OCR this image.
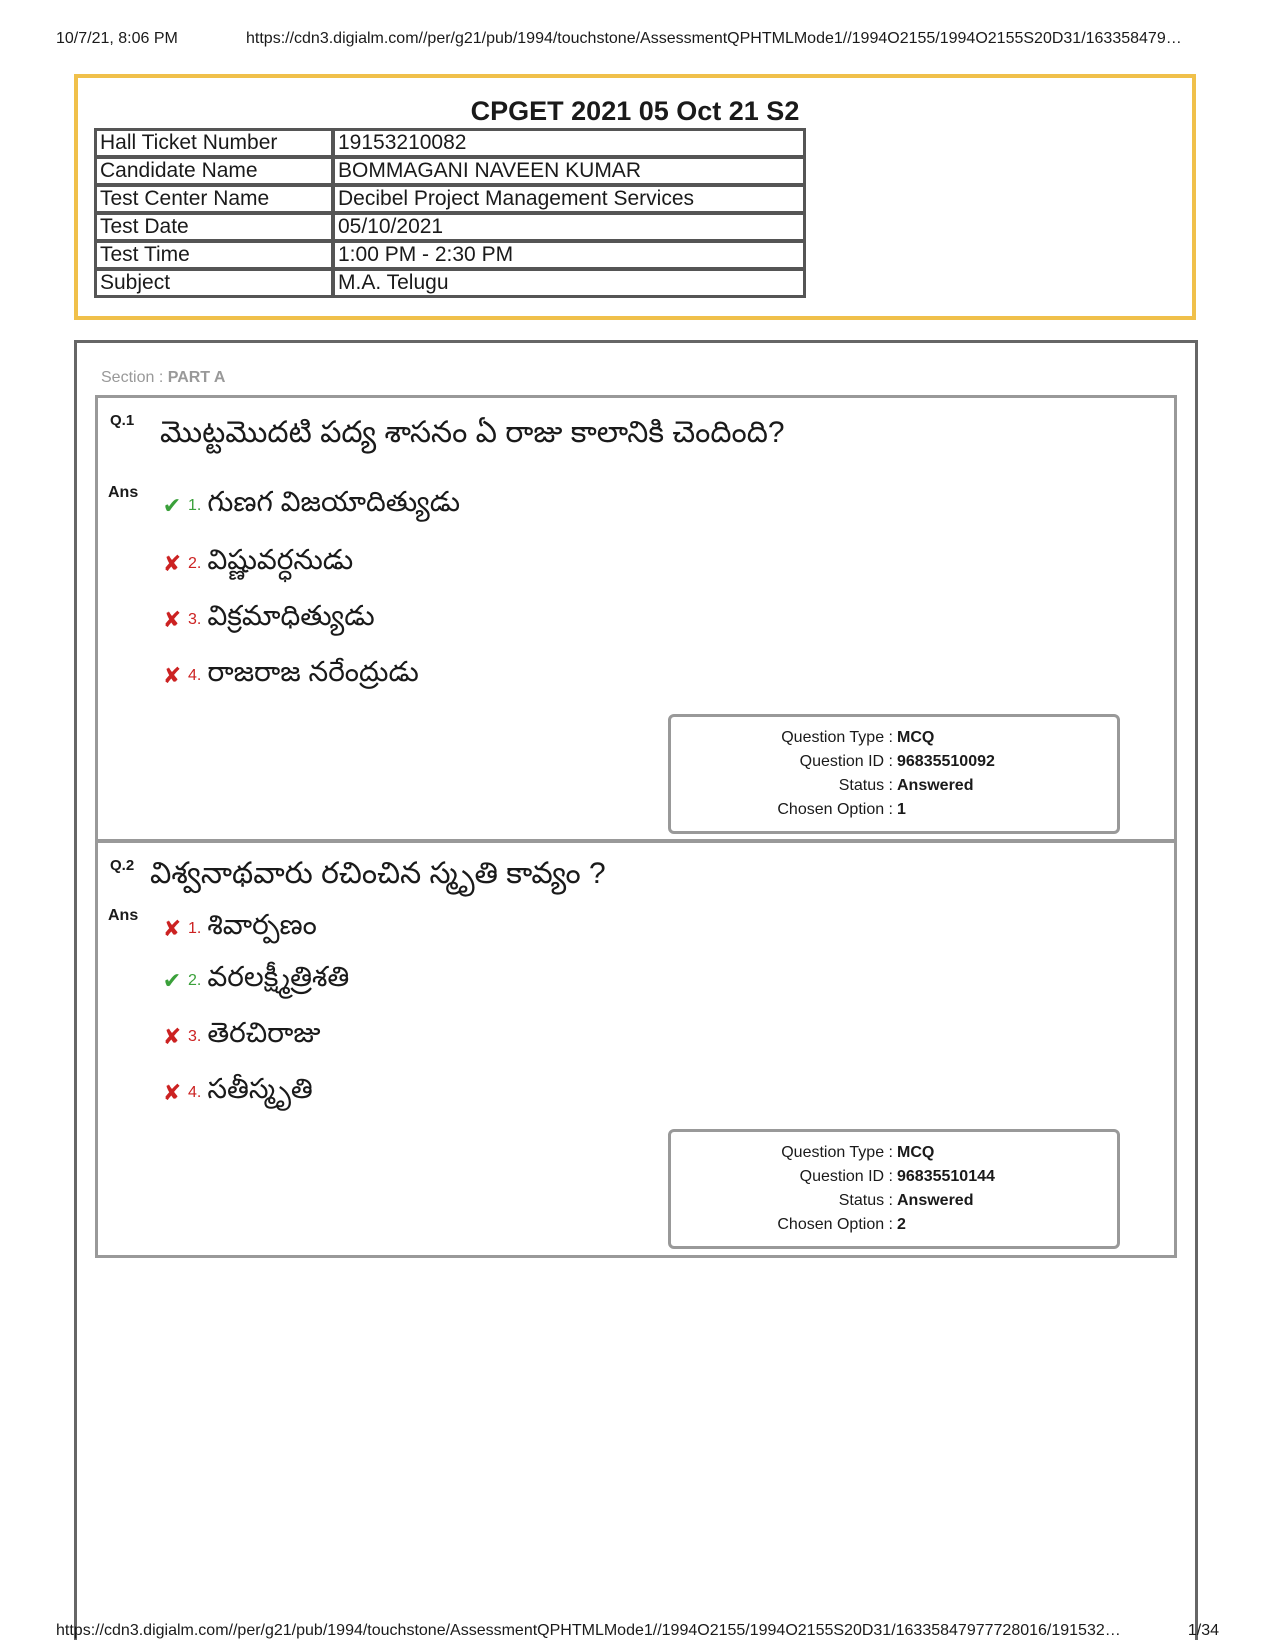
10/7/21, 8:06 PM	https://cdn3.digialm.com//per/g21/pub/1994/touchstone/AssessmentQPHTMLMode1//1994O2155/1994O2155S20D31/163358479…
CPGET 2021 05 Oct 21 S2
Hall Ticket Number	19153210082
Candidate Name	BOMMAGANI NAVEEN KUMAR
Test Center Name	Decibel Project Management Services
Test Date	05/10/2021
Test Time	1:00 PM - 2:30 PM
Subject	M.A. Telugu
Section : PART A
Q.1 మొట్టమొదటి పద్య శాసనం ఏ రాజు కాలానికి చెందింది?
Ans ✔ 1. గుణగ విజయాదిత్యుడు
✘ 2. విష్ణువర్ధనుడు
✘ 3. విక్రమాధిత్యుడు
✘ 4. రాజరాజ నరేంద్రుడు
Question Type : MCQ
Question ID : 96835510092
Status : Answered
Chosen Option : 1
Q.2 విశ్వనాథవారు రచించిన స్మృతి కావ్యం ?
Ans ✘ 1. శివార్పణం
✔ 2. వరలక్ష్మీత్రిశతి
✘ 3. తెరచిరాజు
✘ 4. సతీస్మృతి
Question Type : MCQ
Question ID : 96835510144
Status : Answered
Chosen Option : 2
https://cdn3.digialm.com//per/g21/pub/1994/touchstone/AssessmentQPHTMLMode1//1994O2155/1994O2155S20D31/16335847977728016/191532…	1/34
